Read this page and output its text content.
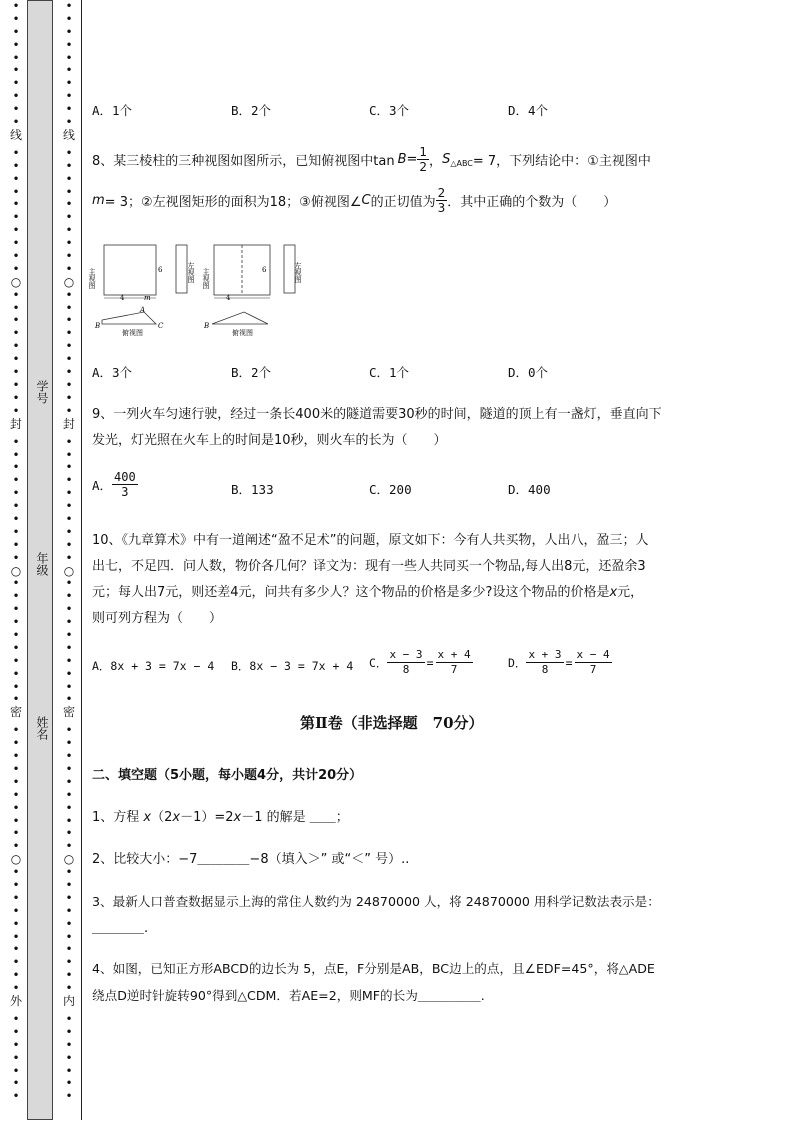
•
•
•
•
•
•
•
•
•
•
线
•
•
•
•
•
•
•
•
•
•
○
•
•
•
•
•
•
•
•
•
•
封
•
•
•
•
•
•
•
•
•
•
○
•
•
•
•
•
•
•
•
•
•
密
•
•
•
•
•
•
•
•
•
•
○
•
•
•
•
•
•
•
•
•
•
外
•
•
•
•
•
•
•
学号
年级
姓名
•
•
•
•
•
•
•
•
•
•
线
•
•
•
•
•
•
•
•
•
•
○
•
•
•
•
•
•
•
•
•
•
封
•
•
•
•
•
•
•
•
•
•
○
•
•
•
•
•
•
•
•
•
•
密
•
•
•
•
•
•
•
•
•
•
○
•
•
•
•
•
•
•
•
•
•
内
•
•
•
•
•
•
•
A．1个	B．2个	C．3个	D．4个
8、某三棱柱的三种视图如图所示，已知俯视图中$\tan B = \frac{1}{2}$ ， S △ABC = 7，下列结论中：①主视图中
m = 3；②左视图矩形的面积为18；③俯视图∠ C 的正切值为 $\frac{2}{3}$ ．其中正确的个数为（　　）
主视图	6
4	m
左视图
A
B	C
俯视图
主视图	6
4
左视图
B
俯视图
A．3个	B．2个	C．1个	D．0个
9、一列火车匀速行驶，经过一条长400米的隧道需要30秒的时间，隧道的顶上有一盏灯，垂直向下
发光，灯光照在火车上的时间是10秒，则火车的长为（　　）
A． $\frac{400}{3}$	B．133	C．200	D．400
10、《九章算术》中有一道阐述“盈不足术”的问题，原文如下：今有人共买物，人出八，盈三；人
出七，不足四．问人数，物价各几何？译文为：现有一些人共同买一个物品,每人出8元，还盈余3
元；每人出7元，则还差4元，问共有多少人？这个物品的价格是多少?设这个物品的价格是x元，
则可列方程为（　　）
A．8x + 3 = 7x − 4 B．8x − 3 = 7x + 4 C． $\frac{x - 3}{8} = \frac{x + 4}{7}$	D． $\frac{x + 3}{8} = \frac{x - 4}{7}$
第Ⅱ卷（非选择题　70分）
二、填空题（5小题，每小题4分，共计20分）
1、方程 x（2x－1）=2x－1 的解是 ＿＿；
2、比较大小：−7＿＿＿＿−8（填入＞” 或“＜” 号）..
3、最新人口普查数据显示上海的常住人数约为 24870000 人，将 24870000 用科学记数法表示是：
＿＿＿＿.
4、如图，已知正方形ABCD的边长为 5，点E，F分别是AB，BC边上的点，且∠EDF=45°，将△ADE
绕点D逆时针旋转90°得到△CDM．若AE=2，则MF的长为＿＿＿＿＿.
